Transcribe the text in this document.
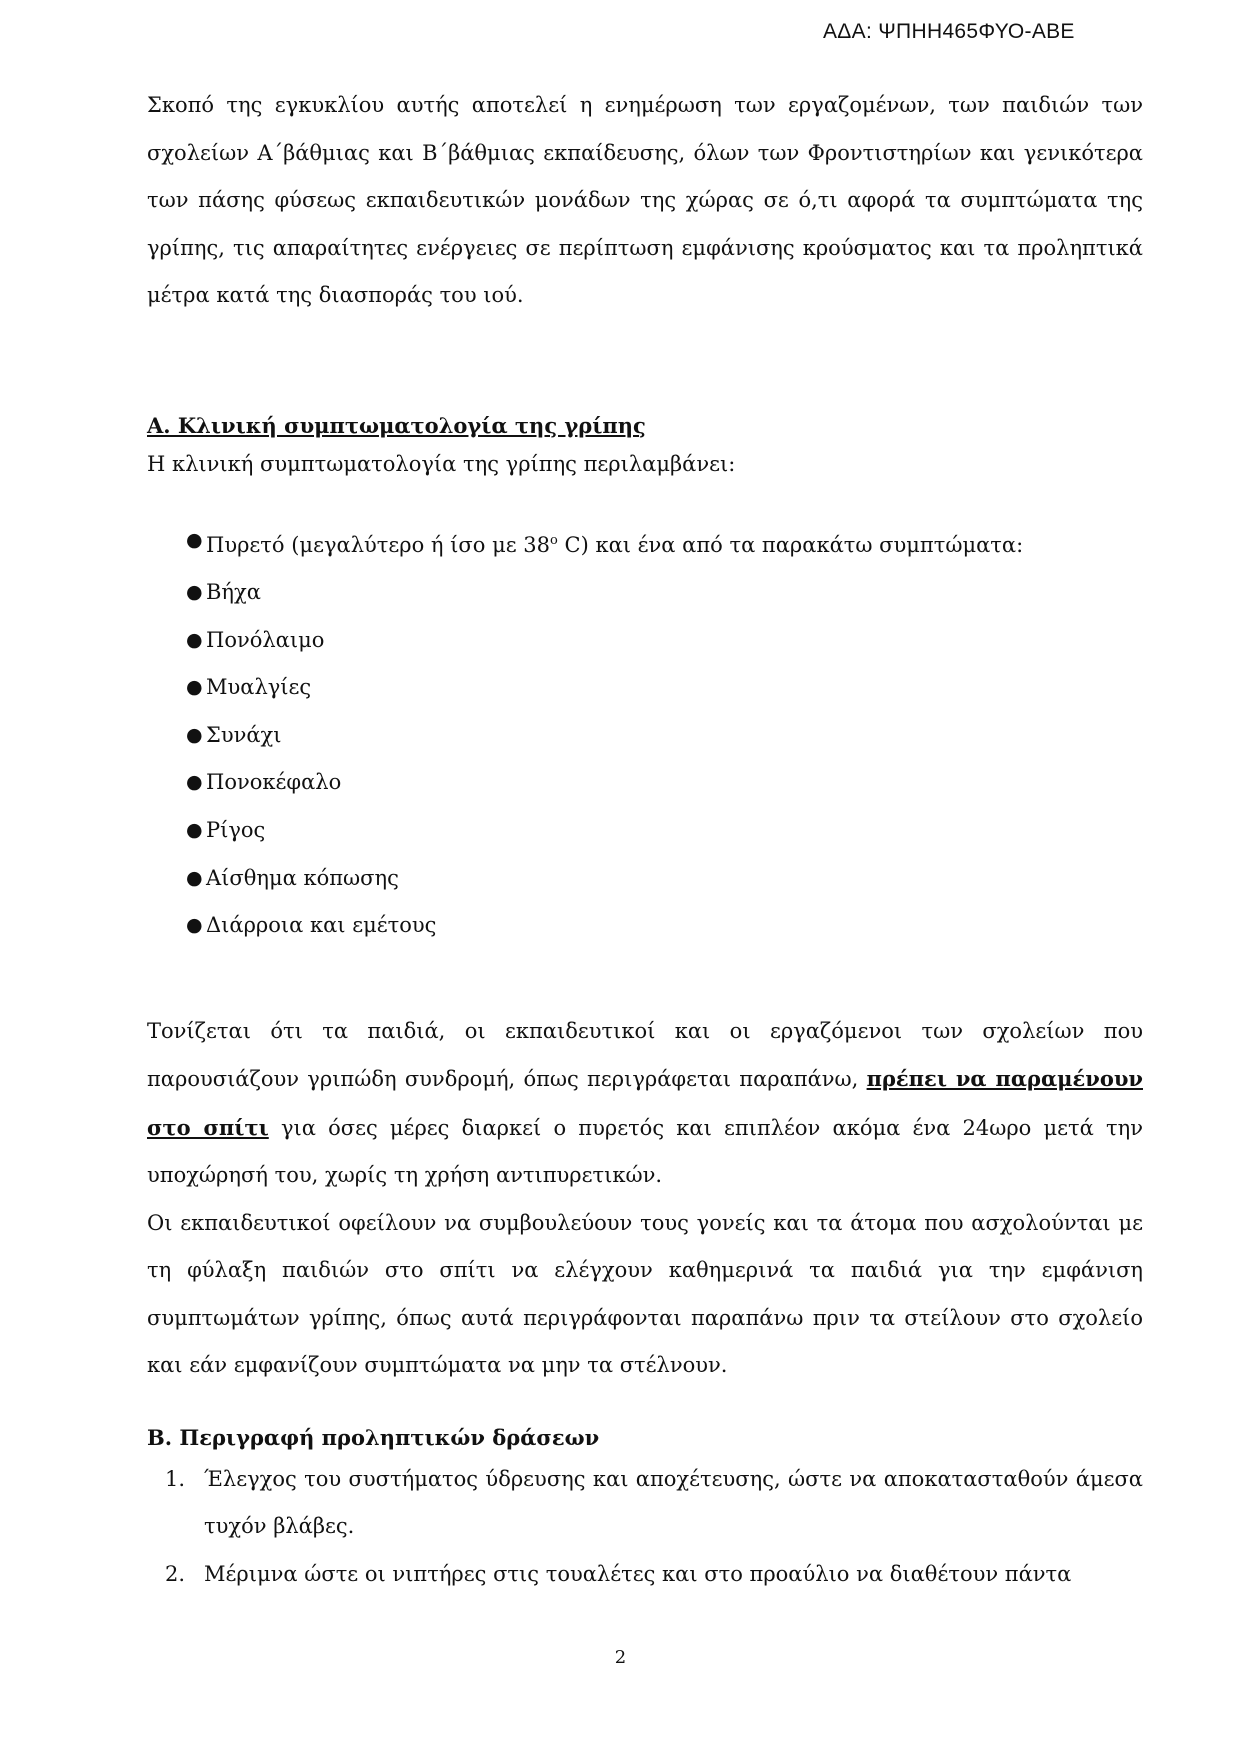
ΑΔΑ: ΨΠΗΗ465ΦΥΟ-ΑΒΕ

Σκοπό της εγκυκλίου αυτής αποτελεί η ενημέρωση των εργαζομένων, των παιδιών των σχολείων Α΄βάθμιας και Β΄βάθμιας εκπαίδευσης, όλων των Φροντιστηρίων και γενικότερα των πάσης φύσεως εκπαιδευτικών μονάδων της χώρας σε ό,τι αφορά τα συμπτώματα της γρίπης, τις απαραίτητες ενέργειες σε περίπτωση εμφάνισης κρούσματος και τα προληπτικά μέτρα κατά της διασποράς του ιού.

Α. Κλινική συμπτωματολογία της γρίπης

Η κλινική συμπτωματολογία της γρίπης περιλαμβάνει:

● Πυρετό (μεγαλύτερο ή ίσο με $38^o$ C) και ένα από τα παρακάτω συμπτώματα:
● Βήχα
● Πονόλαιμο
● Μυαλγίες
● Συνάχι
● Πονοκέφαλο
● Ρίγος
● Αίσθημα κόπωσης
● Διάρροια και εμέτους

Τονίζεται ότι τα παιδιά, οι εκπαιδευτικοί και οι εργαζόμενοι των σχολείων που παρουσιάζουν γριπώδη συνδρομή, όπως περιγράφεται παραπάνω, πρέπει να παραμένουν στο σπίτι για όσες μέρες διαρκεί ο πυρετός και επιπλέον ακόμα ένα 24ωρο μετά την υποχώρησή του, χωρίς τη χρήση αντιπυρετικών.

Οι εκπαιδευτικοί οφείλουν να συμβουλεύουν τους γονείς και τα άτομα που ασχολούνται με τη φύλαξη παιδιών στο σπίτι να ελέγχουν καθημερινά τα παιδιά για την εμφάνιση συμπτωμάτων γρίπης, όπως αυτά περιγράφονται παραπάνω πριν τα στείλουν στο σχολείο και εάν εμφανίζουν συμπτώματα να μην τα στέλνουν.

Β. Περιγραφή προληπτικών δράσεων

1. Έλεγχος του συστήματος ύδρευσης και αποχέτευσης, ώστε να αποκατασταθούν άμεσα τυχόν βλάβες.
2. Μέριμνα ώστε οι νιπτήρες στις τουαλέτες και στο προαύλιο να διαθέτουν πάντα
2
